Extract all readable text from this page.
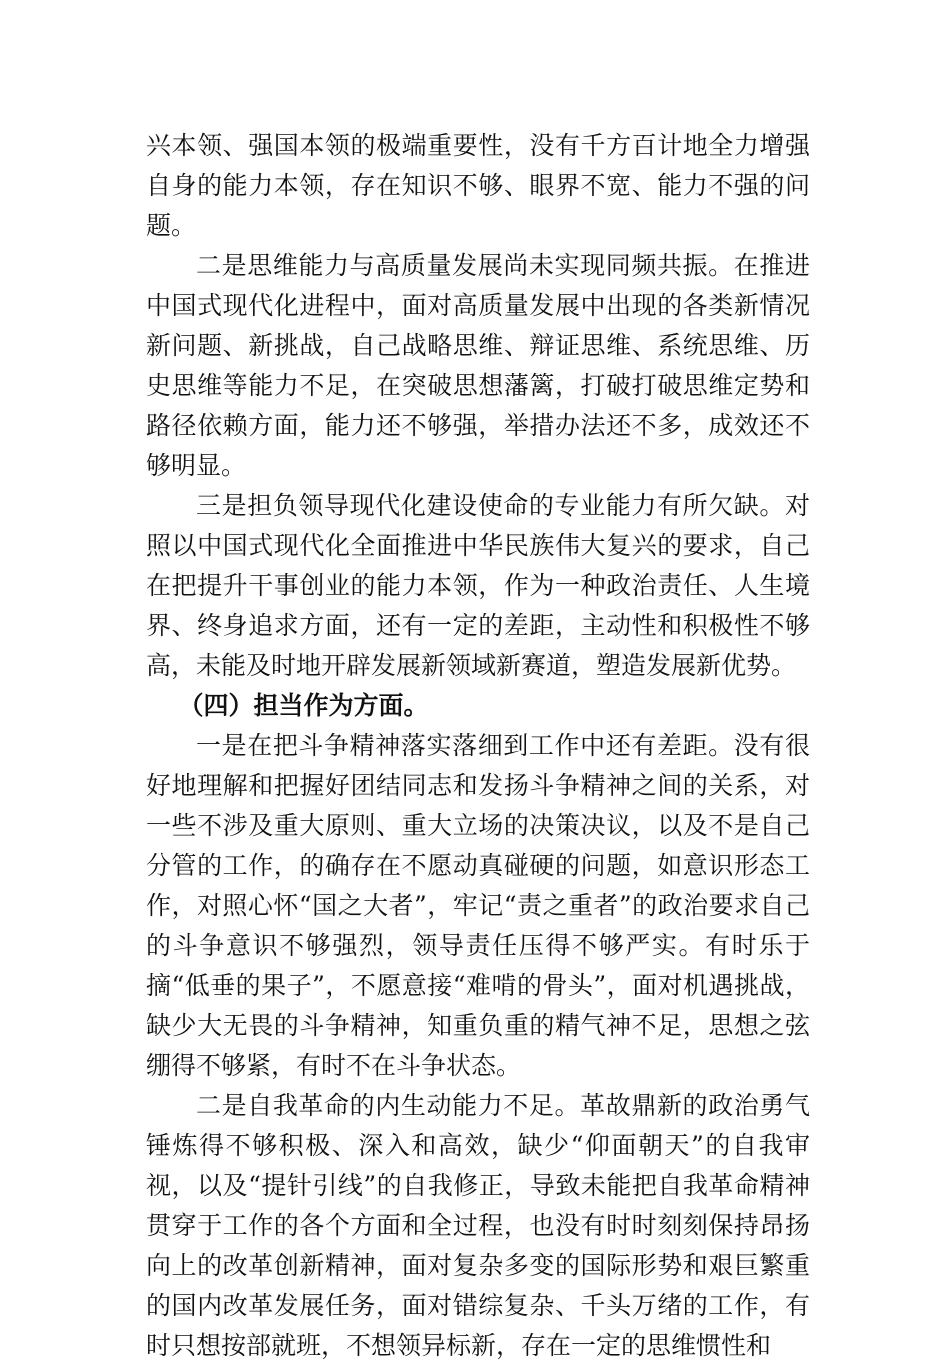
兴本领、强国本领的极端重要性，没有千方百计地全力增强自身的能力本领，存在知识不够、眼界不宽、能力不强的问题。

二是思维能力与高质量发展尚未实现同频共振。在推进中国式现代化进程中，面对高质量发展中出现的各类新情况新问题、新挑战，自己战略思维、辩证思维、系统思维、历史思维等能力不足，在突破思想藩篱，打破打破思维定势和路径依赖方面，能力还不够强，举措办法还不多，成效还不够明显。

三是担负领导现代化建设使命的专业能力有所欠缺。对照以中国式现代化全面推进中华民族伟大复兴的要求，自己在把提升干事创业的能力本领，作为一种政治责任、人生境界、终身追求方面，还有一定的差距，主动性和积极性不够高，未能及时地开辟发展新领域新赛道，塑造发展新优势。

（四）担当作为方面。

一是在把斗争精神落实落细到工作中还有差距。没有很好地理解和把握好团结同志和发扬斗争精神之间的关系，对一些不涉及重大原则、重大立场的决策决议，以及不是自己分管的工作，的确存在不愿动真碰硬的问题，如意识形态工作，对照心怀“国之大者”，牢记“责之重者”的政治要求自己的斗争意识不够强烈，领导责任压得不够严实。有时乐于摘“低垂的果子”，不愿意接“难啃的骨头”，面对机遇挑战，缺少大无畏的斗争精神，知重负重的精气神不足，思想之弦绷得不够紧，有时不在斗争状态。

二是自我革命的内生动能力不足。革故鼎新的政治勇气锤炼得不够积极、深入和高效，缺少“仰面朝天”的自我审视，以及“提针引线”的自我修正，导致未能把自我革命精神贯穿于工作的各个方面和全过程，也没有时时刻刻保持昂扬向上的改革创新精神，面对复杂多变的国际形势和艰巨繁重的国内改革发展任务，面对错综复杂、千头万绪的工作，有时只想按部就班，不想领异标新，存在一定的思维惯性和
